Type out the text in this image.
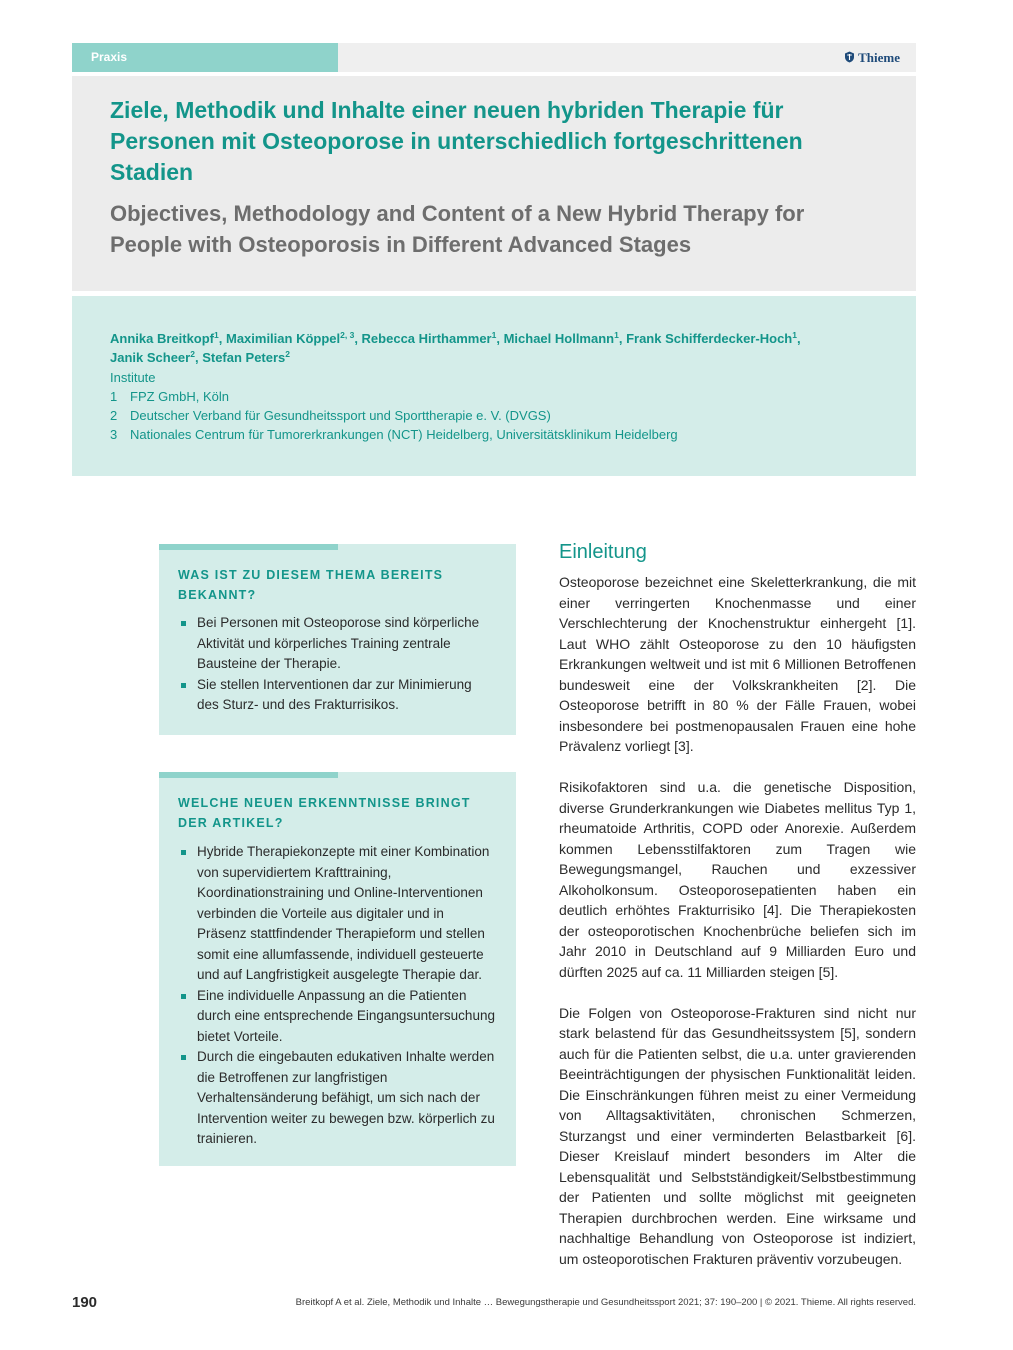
Praxis	Thieme
Ziele, Methodik und Inhalte einer neuen hybriden Therapie für Personen mit Osteoporose in unterschiedlich fortgeschrittenen Stadien
Objectives, Methodology and Content of a New Hybrid Therapy for People with Osteoporosis in Different Advanced Stages
Annika Breitkopf$^1$, Maximilian Köppel$^{2, 3}$, Rebecca Hirthammer$^1$, Michael Hollmann$^1$, Frank Schifferdecker-Hoch$^1$,
Janik Scheer$^2$, Stefan Peters$^2$
Institute
1 FPZ GmbH, Köln
2 Deutscher Verband für Gesundheitssport und Sporttherapie e. V. (DVGS)
3 Nationales Centrum für Tumorerkrankungen (NCT) Heidelberg, Universitätsklinikum Heidelberg
WAS IST ZU DIESEM THEMA BEREITS BEKANNT?
Bei Personen mit Osteoporose sind körperliche Aktivität und körperliches Training zentrale Bausteine der Therapie.
Sie stellen Interventionen dar zur Minimierung des Sturz- und des Frakturrisikos.
WELCHE NEUEN ERKENNTNISSE BRINGT DER ARTIKEL?
Hybride Therapiekonzepte mit einer Kombination von supervidiertem Krafttraining, Koordinationstraining und Online-Interventionen verbinden die Vorteile aus digitaler und in Präsenz stattfindender Therapieform und stellen somit eine allumfassende, individuell gesteuerte und auf Langfristigkeit ausgelegte Therapie dar.
Eine individuelle Anpassung an die Patienten durch eine entsprechende Eingangsuntersuchung bietet Vorteile.
Durch die eingebauten edukativen Inhalte werden die Betroffenen zur langfristigen Verhaltensänderung befähigt, um sich nach der Intervention weiter zu bewegen bzw. körperlich zu trainieren.
Einleitung

Osteoporose bezeichnet eine Skeletterkrankung, die mit einer verringerten Knochenmasse und einer Verschlechterung der Knochenstruktur einhergeht [1]. Laut WHO zählt Osteoporose zu den 10 häufigsten Erkrankungen weltweit und ist mit 6 Millionen Betroffenen bundesweit eine der Volkskrankheiten [2]. Die Osteoporose betrifft in 80 % der Fälle Frauen, wobei insbesondere bei postmenopausalen Frauen eine hohe Prävalenz vorliegt [3].

Risikofaktoren sind u.a. die genetische Disposition, diverse Grunderkrankungen wie Diabetes mellitus Typ 1, rheumatoide Arthritis, COPD oder Anorexie. Außerdem kommen Lebensstilfaktoren zum Tragen wie Bewegungsmangel, Rauchen und exzessiver Alkoholkonsum. Osteoporosepatienten haben ein deutlich erhöhtes Frakturrisiko [4]. Die Therapiekosten der osteoporotischen Knochenbrüche beliefen sich im Jahr 2010 in Deutschland auf 9 Milliarden Euro und dürften 2025 auf ca. 11 Milliarden steigen [5].

Die Folgen von Osteoporose-Frakturen sind nicht nur stark belastend für das Gesundheitssystem [5], sondern auch für die Patienten selbst, die u.a. unter gravierenden Beeinträchtigungen der physischen Funktionalität leiden. Die Einschränkungen führen meist zu einer Vermeidung von Alltagsaktivitäten, chronischen Schmerzen, Sturzangst und einer verminderten Belastbarkeit [6]. Dieser Kreislauf mindert besonders im Alter die Lebensqualität und Selbstständigkeit/Selbstbestimmung der Patienten und sollte möglichst mit geeigneten Therapien durchbrochen werden. Eine wirksame und nachhaltige Behandlung von Osteoporose ist indiziert, um osteoporotischen Frakturen präventiv vorzubeugen.

190	Breitkopf A et al. Ziele, Methodik und Inhalte … Bewegungstherapie und Gesundheitssport 2021; 37: 190–200 | © 2021. Thieme. All rights reserved.
